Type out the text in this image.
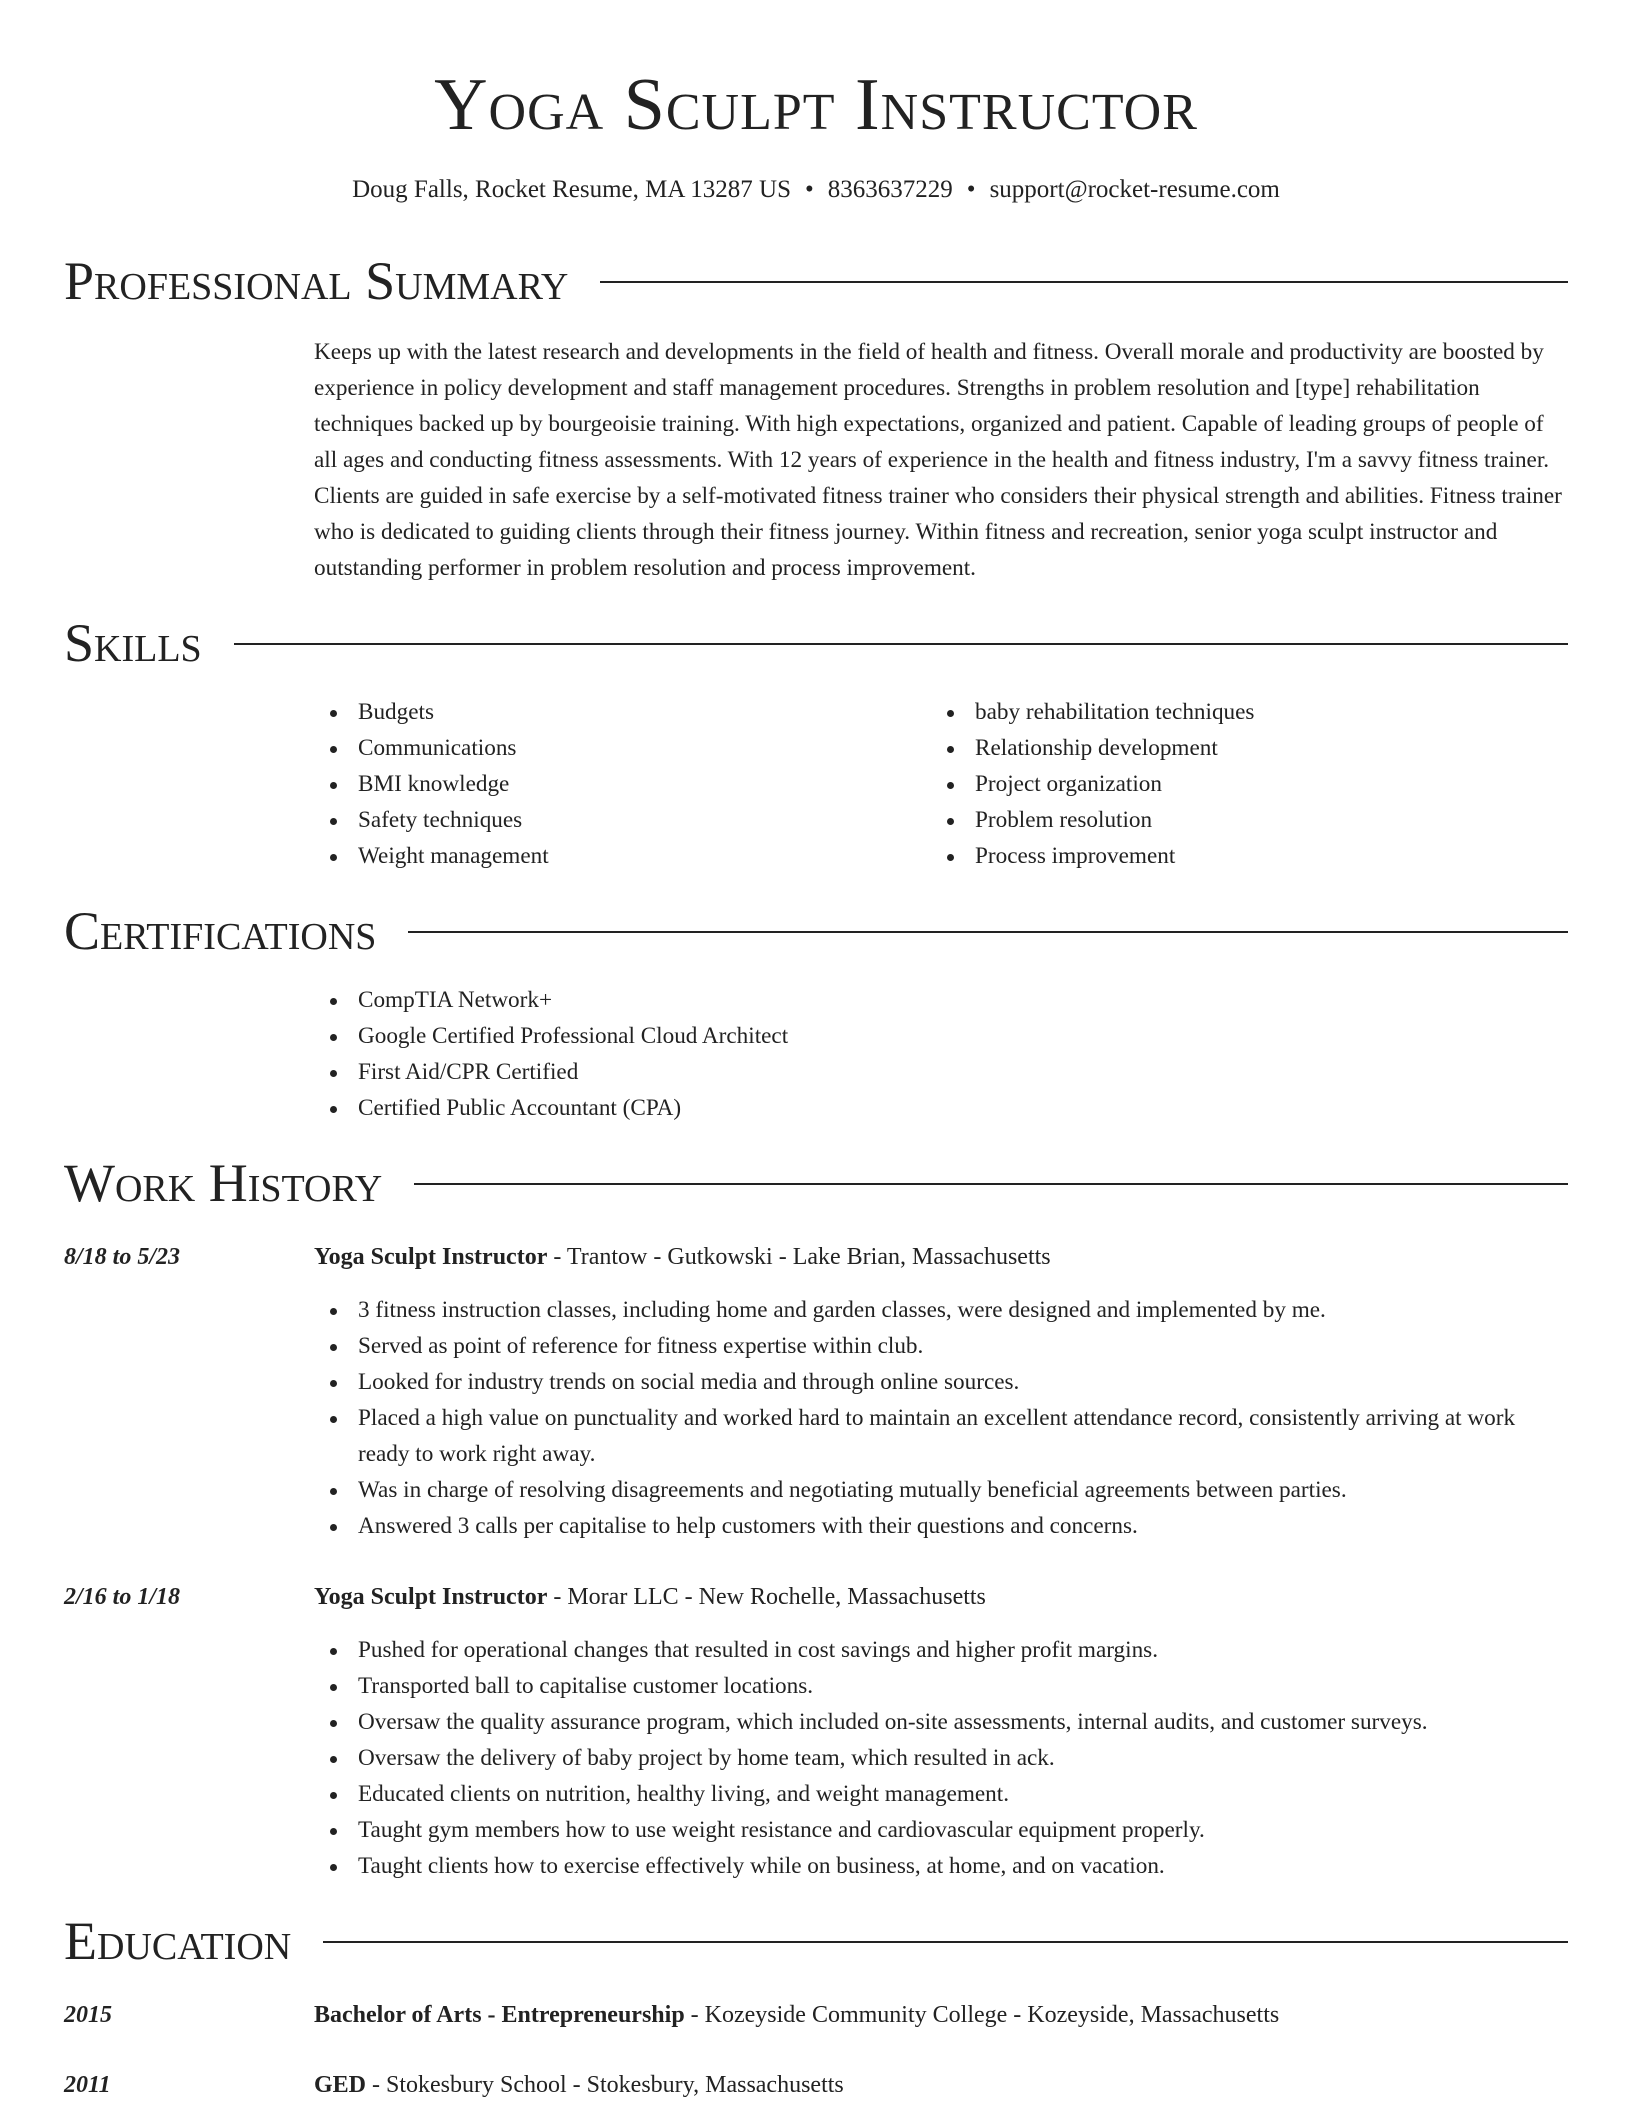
Yoga Sculpt Instructor
Doug Falls, Rocket Resume, MA 13287 US • 8363637229 • support@rocket-resume.com
Professional Summary
Keeps up with the latest research and developments in the field of health and fitness. Overall morale and productivity are boosted by experience in policy development and staff management procedures. Strengths in problem resolution and [type] rehabilitation techniques backed up by bourgeoisie training. With high expectations, organized and patient. Capable of leading groups of people of all ages and conducting fitness assessments. With 12 years of experience in the health and fitness industry, I'm a savvy fitness trainer. Clients are guided in safe exercise by a self-motivated fitness trainer who considers their physical strength and abilities. Fitness trainer who is dedicated to guiding clients through their fitness journey. Within fitness and recreation, senior yoga sculpt instructor and outstanding performer in problem resolution and process improvement.
Skills
Budgets
Communications
BMI knowledge
Safety techniques
Weight management
baby rehabilitation techniques
Relationship development
Project organization
Problem resolution
Process improvement
Certifications
CompTIA Network+
Google Certified Professional Cloud Architect
First Aid/CPR Certified
Certified Public Accountant (CPA)
Work History
8/18 to 5/23	Yoga Sculpt Instructor - Trantow - Gutkowski - Lake Brian, Massachusetts
3 fitness instruction classes, including home and garden classes, were designed and implemented by me.
Served as point of reference for fitness expertise within club.
Looked for industry trends on social media and through online sources.
Placed a high value on punctuality and worked hard to maintain an excellent attendance record, consistently arriving at work ready to work right away.
Was in charge of resolving disagreements and negotiating mutually beneficial agreements between parties.
Answered 3 calls per capitalise to help customers with their questions and concerns.
2/16 to 1/18	Yoga Sculpt Instructor - Morar LLC - New Rochelle, Massachusetts
Pushed for operational changes that resulted in cost savings and higher profit margins.
Transported ball to capitalise customer locations.
Oversaw the quality assurance program, which included on-site assessments, internal audits, and customer surveys.
Oversaw the delivery of baby project by home team, which resulted in ack.
Educated clients on nutrition, healthy living, and weight management.
Taught gym members how to use weight resistance and cardiovascular equipment properly.
Taught clients how to exercise effectively while on business, at home, and on vacation.
Education
2015	Bachelor of Arts - Entrepreneurship - Kozeyside Community College - Kozeyside, Massachusetts
2011	GED - Stokesbury School - Stokesbury, Massachusetts
